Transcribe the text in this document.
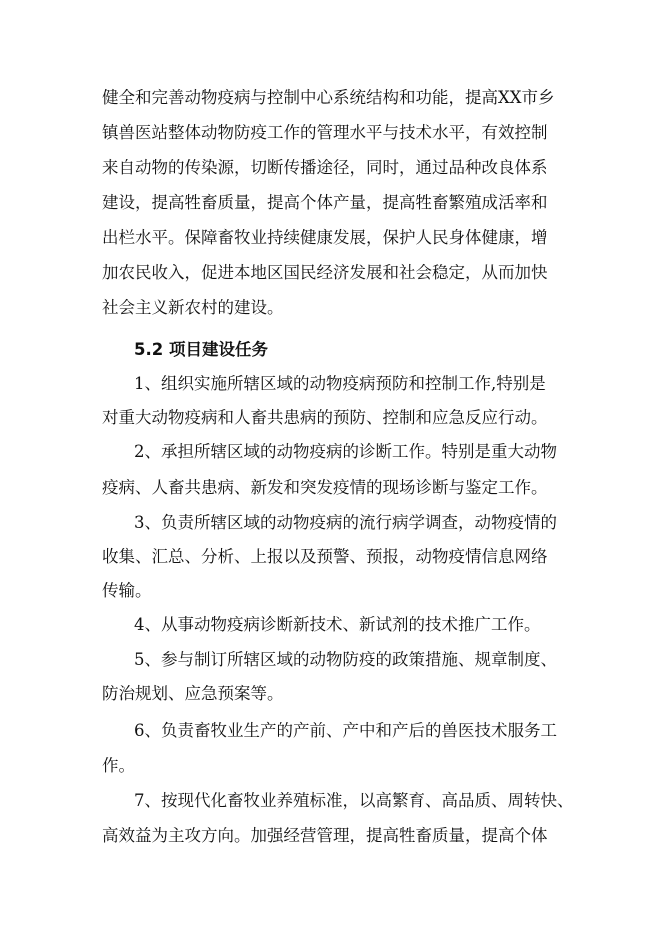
健全和完善动物疫病与控制中心系统结构和功能，提高XX市乡
镇兽医站整体动物防疫工作的管理水平与技术水平，有效控制
来自动物的传染源，切断传播途径，同时，通过品种改良体系
建设，提高牲畜质量，提高个体产量，提高牲畜繁殖成活率和
出栏水平。保障畜牧业持续健康发展，保护人民身体健康，增
加农民收入，促进本地区国民经济发展和社会稳定，从而加快
社会主义新农村的建设。
5.2 项目建设任务
1、组织实施所辖区域的动物疫病预防和控制工作,特别是
对重大动物疫病和人畜共患病的预防、控制和应急反应行动。
2、承担所辖区域的动物疫病的诊断工作。特别是重大动物
疫病、人畜共患病、新发和突发疫情的现场诊断与鉴定工作。
3、负责所辖区域的动物疫病的流行病学调查，动物疫情的
收集、汇总、分析、上报以及预警、预报，动物疫情信息网络
传输。
4、从事动物疫病诊断新技术、新试剂的技术推广工作。
5、参与制订所辖区域的动物防疫的政策措施、规章制度、
防治规划、应急预案等。
6、负责畜牧业生产的产前、产中和产后的兽医技术服务工
作。
7、按现代化畜牧业养殖标准，以高繁育、高品质、周转快、
高效益为主攻方向。加强经营管理，提高牲畜质量，提高个体
